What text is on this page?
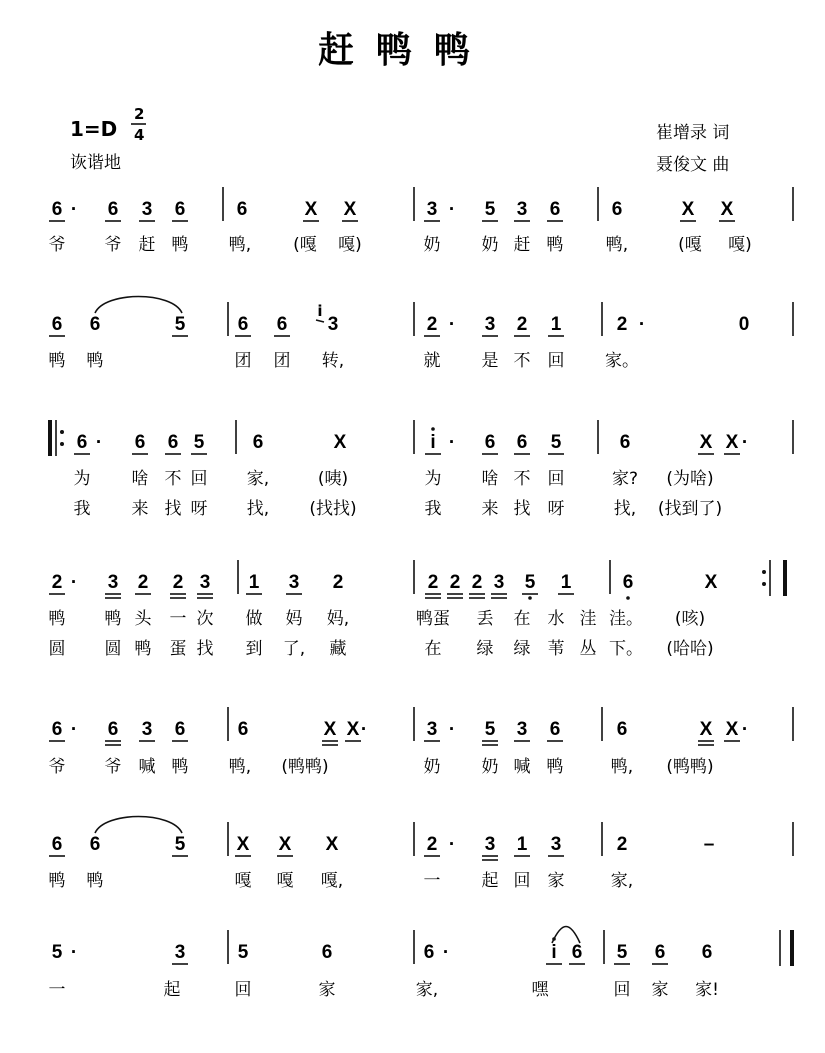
赶鸭鸭
1=D
2
4
诙谐地
崔增录 词
聂俊文 曲
6 · 6 3 6	6	X X	3 · 5 3 6	6	X X
爷 爷 赶 鸭 鸭, (嘎 嘎)	奶 奶 赶 鸭 鸭,	(嘎 嘎)
6 6	5	6 6 3	2 · 3 2 1	2 ·	0
i
鸭 鸭	团 团 转,	就 是 不 回 家。
6 · 6 6 5	6	X	i · 6 6 5	6	X X ·
为 啥 不 回 家,	(咦)	为 啥 不 回	家? (为啥)
我 来 找 呀 找, (找找)	我 来 找 呀	找, (找到了)
2 · 3 2 2 3 1 3 2	2 2 2 3 5 1	6	X
鸭 鸭 头 一 次 做 妈 妈,	鸭蛋 丢 在 水 洼 洼。 (咳)
圆 圆 鸭 蛋 找 到 了, 藏	在 绿 绿 苇 丛 下。 (哈哈)
6 · 6 3 6	6	X X ·	3 · 5 3 6	6	X X ·
爷 爷 喊 鸭 鸭, (鸭鸭)	奶 奶 喊 鸭	鸭, (鸭鸭)
6 6	5	X X X	2 · 3 1 3	2	–
鸭 鸭	嘎 嘎 嘎,	一 起 回 家	家,
5 ·	3	5	6	6 ·	i 6 5 6 6
一	起	回	家	家,	嘿	回 家 家!
